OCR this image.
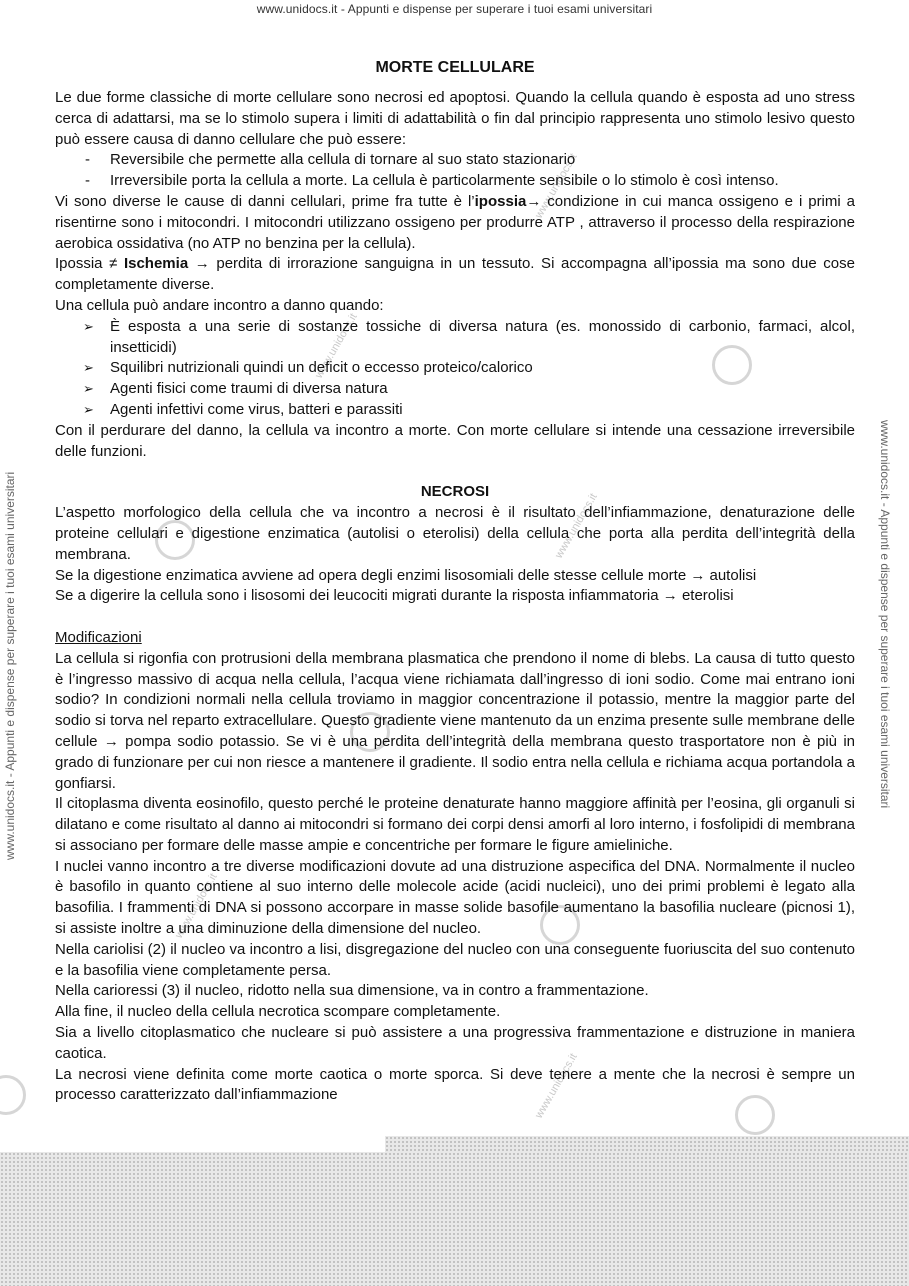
www.unidocs.it - Appunti e dispense per superare i tuoi esami universitari
www.unidocs.it - Appunti e dispense per superare i tuoi esami universitari	www.unidocs.it - Appunti e dispense per superare i tuoi esami universitari
www.unidocs.it
www.unidocs.it
www.unidocs.it
www.unidocs.it
www.unidocs.it
MORTE CELLULARE

Le due forme classiche di morte cellulare sono necrosi ed apoptosi. Quando la cellula quando è esposta ad uno stress cerca di adattarsi, ma se lo stimolo supera i limiti di adattabilità o fin dal principio rappresenta uno stimolo lesivo questo può essere causa di danno cellulare che può essere:

- Reversibile che permette alla cellula di tornare al suo stato stazionario
- Irreversibile porta la cellula a morte. La cellula è particolarmente sensibile o lo stimolo è così intenso.

Vi sono diverse le cause di danni cellulari, prime fra tutte è l’ipossia→ condizione in cui manca ossigeno e i primi a risentirne sono i mitocondri. I mitocondri utilizzano ossigeno per produrre ATP , attraverso il processo della respirazione aerobica ossidativa (no ATP no benzina per la cellula).

Ipossia ≠ Ischemia → perdita di irrorazione sanguigna in un tessuto. Si accompagna all’ipossia ma sono due cose completamente diverse.

Una cellula può andare incontro a danno quando:

➢ È esposta a una serie di sostanze tossiche di diversa natura (es. monossido di carbonio, farmaci, alcol, insetticidi)
➢ Squilibri nutrizionali quindi un deficit o eccesso proteico/calorico
➢ Agenti fisici come traumi di diversa natura
➢ Agenti infettivi come virus, batteri e parassiti

Con il perdurare del danno, la cellula va incontro a morte. Con morte cellulare si intende una cessazione irreversibile delle funzioni.

NECROSI

L’aspetto morfologico della cellula che va incontro a necrosi è il risultato dell’infiammazione, denaturazione delle proteine cellulari e digestione enzimatica (autolisi o eterolisi) della cellula che porta alla perdita dell’integrità della membrana.

Se la digestione enzimatica avviene ad opera degli enzimi lisosomiali delle stesse cellule morte → autolisi

Se a digerire la cellula sono i lisosomi dei leucociti migrati durante la risposta infiammatoria → eterolisi

Modificazioni

La cellula si rigonfia con protrusioni della membrana plasmatica che prendono il nome di blebs. La causa di tutto questo è l’ingresso massivo di acqua nella cellula, l’acqua viene richiamata dall’ingresso di ioni sodio. Come mai entrano ioni sodio? In condizioni normali nella cellula troviamo in maggior concentrazione il potassio, mentre la maggior parte del sodio si torva nel reparto extracellulare. Questo gradiente viene mantenuto da un enzima presente sulle membrane delle cellule → pompa sodio potassio. Se vi è una perdita dell’integrità della membrana questo trasportatore non è più in grado di funzionare per cui non riesce a mantenere il gradiente. Il sodio entra nella cellula e richiama acqua portandola a gonfiarsi.

Il citoplasma diventa eosinofilo, questo perché le proteine denaturate hanno maggiore affinità per l’eosina, gli organuli si dilatano e come risultato al danno ai mitocondri si formano dei corpi densi amorfi al loro interno, i fosfolipidi di membrana si associano per formare delle masse ampie e concentriche per formare le figure amieliniche.

I nuclei vanno incontro a tre diverse modificazioni dovute ad una distruzione aspecifica del DNA. Normalmente il nucleo è basofilo in quanto contiene al suo interno delle molecole acide (acidi nucleici), uno dei primi problemi è legato alla basofilia. I frammenti di DNA si possono accorpare in masse solide basofile aumentano la basofilia nucleare (picnosi 1), si assiste inoltre a una diminuzione della dimensione del nucleo.

Nella cariolisi (2) il nucleo va incontro a lisi, disgregazione del nucleo con una conseguente fuoriuscita del suo contenuto e la basofilia viene completamente persa.

Nella carioressi (3) il nucleo, ridotto nella sua dimensione, va in contro a frammentazione.

Alla fine, il nucleo della cellula necrotica scompare completamente.

Sia a livello citoplasmatico che nucleare si può assistere a una progressiva frammentazione e distruzione in maniera caotica.

La necrosi viene definita come morte caotica o morte sporca. Si deve tenere a mente che la necrosi è sempre un processo caratterizzato dall’infiammazione
